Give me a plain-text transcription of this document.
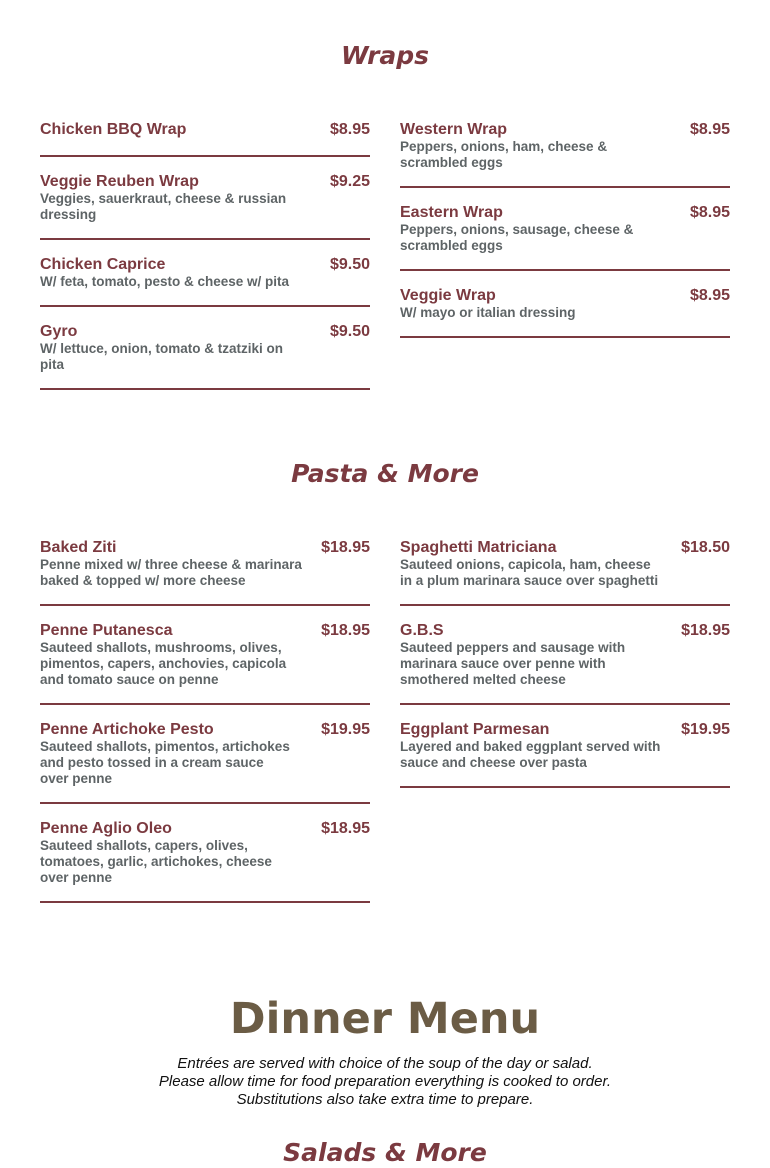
Wraps
Chicken BBQ Wrap	$8.95
Veggie Reuben Wrap	$9.25
Veggies, sauerkraut, cheese & russian dressing
Chicken Caprice	$9.50
W/ feta, tomato, pesto & cheese w/ pita
Gyro	$9.50
W/ lettuce, onion, tomato & tzatziki on pita
Western Wrap	$8.95
Peppers, onions, ham, cheese & scrambled eggs
Eastern Wrap	$8.95
Peppers, onions, sausage, cheese & scrambled eggs
Veggie Wrap	$8.95
W/ mayo or italian dressing
Pasta & More
Baked Ziti	$18.95
Penne mixed w/ three cheese & marinara baked & topped w/ more cheese
Penne Putanesca	$18.95
Sauteed shallots, mushrooms, olives, pimentos, capers, anchovies, capicola and tomato sauce on penne
Penne Artichoke Pesto	$19.95
Sauteed shallots, pimentos, artichokes and pesto tossed in a cream sauce over penne
Penne Aglio Oleo	$18.95
Sauteed shallots, capers, olives, tomatoes, garlic, artichokes, cheese over penne
Spaghetti Matriciana	$18.50
Sauteed onions, capicola, ham, cheese in a plum marinara sauce over spaghetti
G.B.S	$18.95
Sauteed peppers and sausage with marinara sauce over penne with smothered melted cheese
Eggplant Parmesan	$19.95
Layered and baked eggplant served with sauce and cheese over pasta
Dinner Menu
Entrées are served with choice of the soup of the day or salad.
Please allow time for food preparation everything is cooked to order.
Substitutions also take extra time to prepare.
Salads & More
